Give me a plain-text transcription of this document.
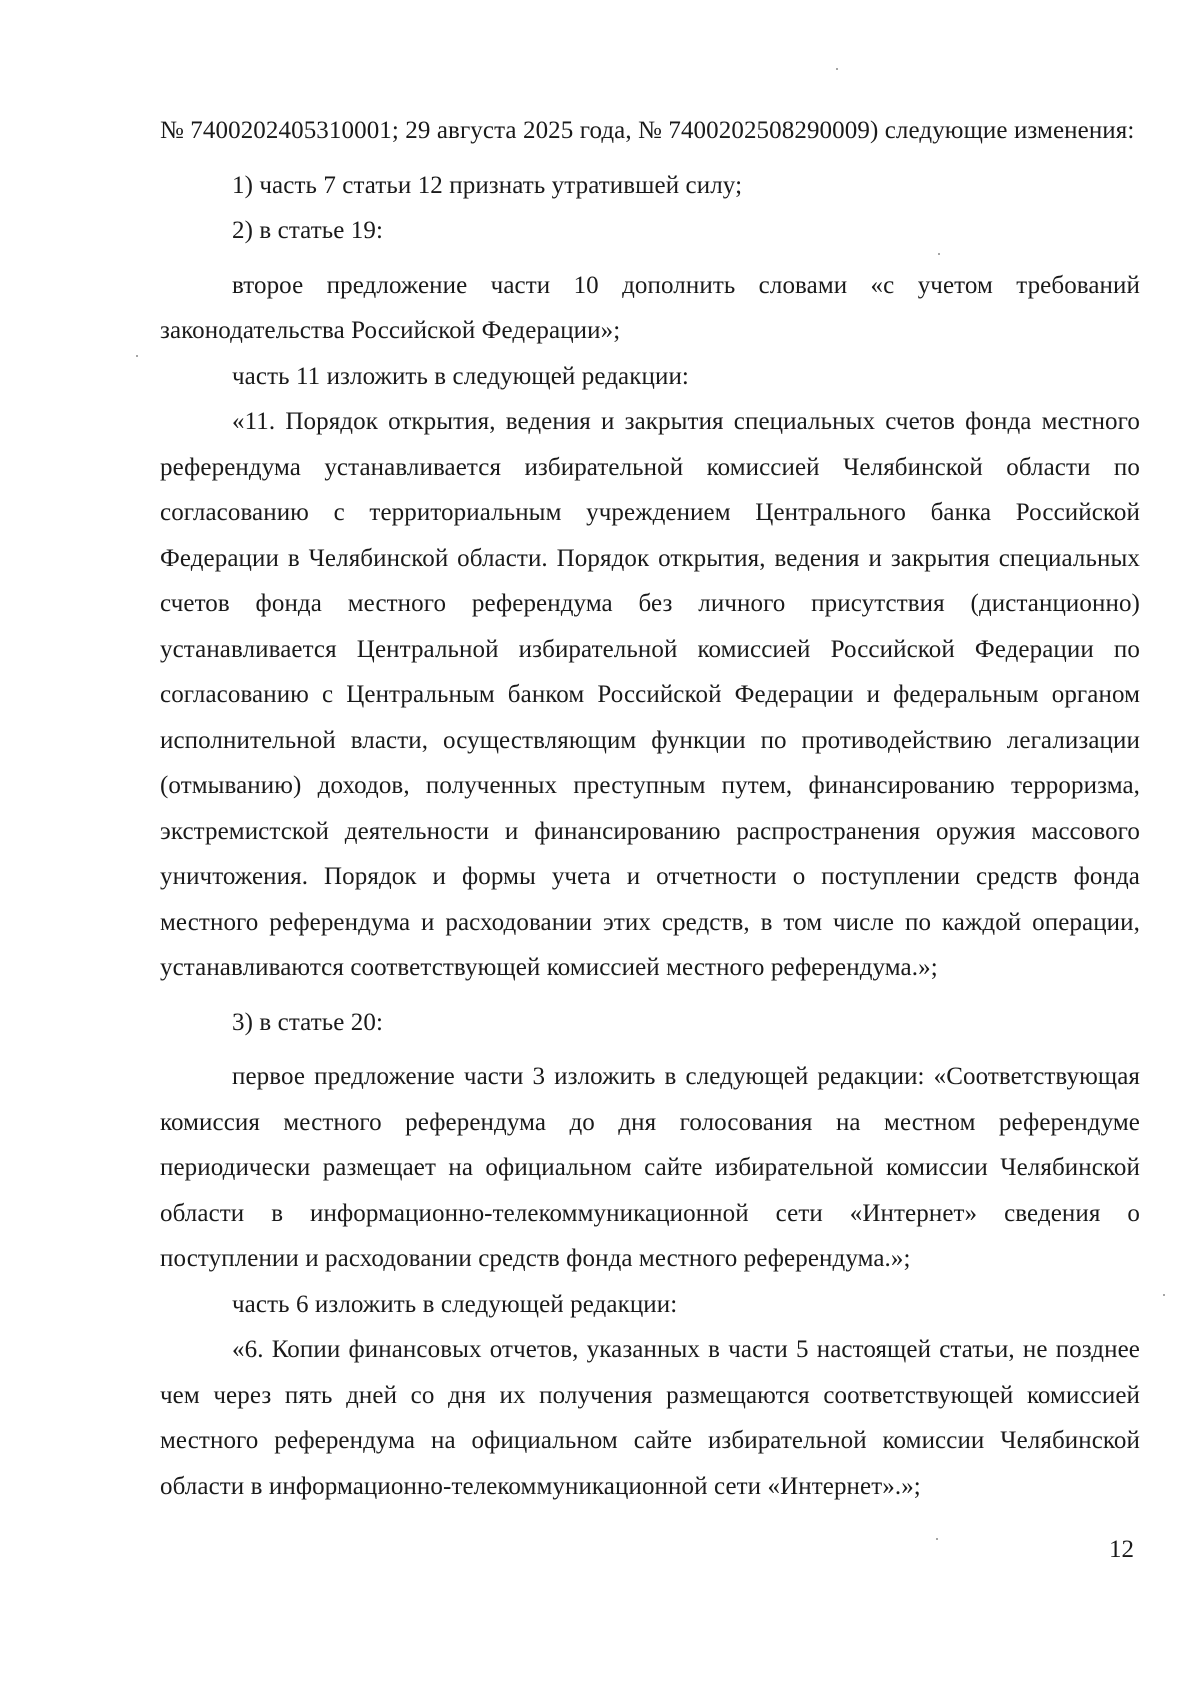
№ 7400202405310001; 29 августа 2025 года, № 7400202508290009) следующие изменения:

1) часть 7 статьи 12 признать утратившей силу;

2) в статье 19:

второе предложение части 10 дополнить словами «с учетом требований законодательства Российской Федерации»;

часть 11 изложить в следующей редакции:

«11. Порядок открытия, ведения и закрытия специальных счетов фонда местного референдума устанавливается избирательной комиссией Челябинской области по согласованию с территориальным учреждением Центрального банка Российской Федерации в Челябинской области. Порядок открытия, ведения и закрытия специальных счетов фонда местного референдума без личного присутствия (дистанционно) устанавливается Центральной избирательной комиссией Российской Федерации по согласованию с Центральным банком Российской Федерации и федеральным органом исполнительной власти, осуществляющим функции по противодействию легализации (отмыванию) доходов, полученных преступным путем, финансированию терроризма, экстремистской деятельности и финансированию распространения оружия массового уничтожения. Порядок и формы учета и отчетности о поступлении средств фонда местного референдума и расходовании этих средств, в том числе по каждой операции, устанавливаются соответствующей комиссией местного референдума.»;

3) в статье 20:

первое предложение части 3 изложить в следующей редакции: «Соответствующая комиссия местного референдума до дня голосования на местном референдуме периодически размещает на официальном сайте избирательной комиссии Челябинской области в информационно-телекоммуникационной сети «Интернет» сведения о поступлении и расходовании средств фонда местного референдума.»;

часть 6 изложить в следующей редакции:

«6. Копии финансовых отчетов, указанных в части 5 настоящей статьи, не позднее чем через пять дней со дня их получения размещаются соответствующей комиссией местного референдума на официальном сайте избирательной комиссии Челябинской области в информационно-телекоммуникационной сети «Интернет».»;

12
